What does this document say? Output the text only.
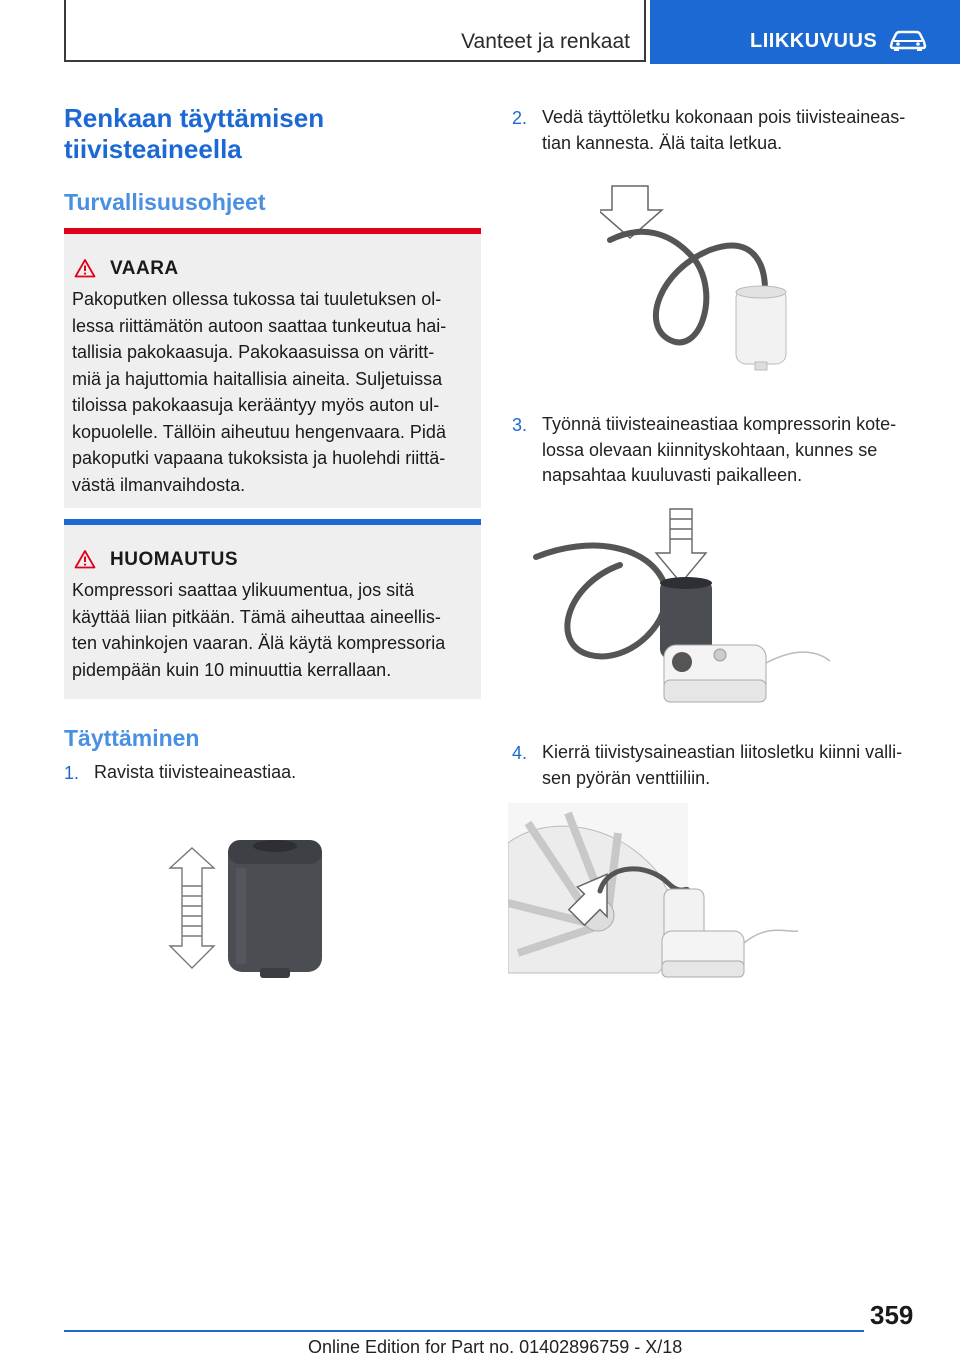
Vanteet ja renkaat	LIIKKUVUUS
Renkaan täyttämisen
tiivisteaineella
Turvallisuusohjeet
VAARA
Pakoputken ollessa tukossa tai tuuletuksen ol‐
lessa riittämätön autoon saattaa tunkeutua hai‐
tallisia pakokaasuja. Pakokaasuissa on väritt‐
miä ja hajuttomia haitallisia aineita. Suljetuissa
tiloissa pakokaasuja kerääntyy myös auton ul‐
kopuolelle. Tällöin aiheutuu hengenvaara. Pidä
pakoputki vapaana tukoksista ja huolehdi riittä‐
västä ilmanvaihdosta.
HUOMAUTUS
Kompressori saattaa ylikuumentua, jos sitä
käyttää liian pitkään. Tämä aiheuttaa aineellis‐
ten vahinkojen vaaran. Älä käytä kompressoria
pidempään kuin 10 minuuttia kerrallaan.
Täyttäminen
1. Ravista tiivisteaineastiaa.
2. Vedä täyttöletku kokonaan pois tiivisteaineas‐
tian kannesta. Älä taita letkua.
3. Työnnä tiivisteaineastiaa kompressorin kote‐
lossa olevaan kiinnityskohtaan, kunnes se
napsahtaa kuuluvasti paikalleen.
4. Kierrä tiivistysaineastian liitosletku kiinni valli‐
sen pyörän venttiiliin.
359
Online Edition for Part no. 01402896759 - X/18
